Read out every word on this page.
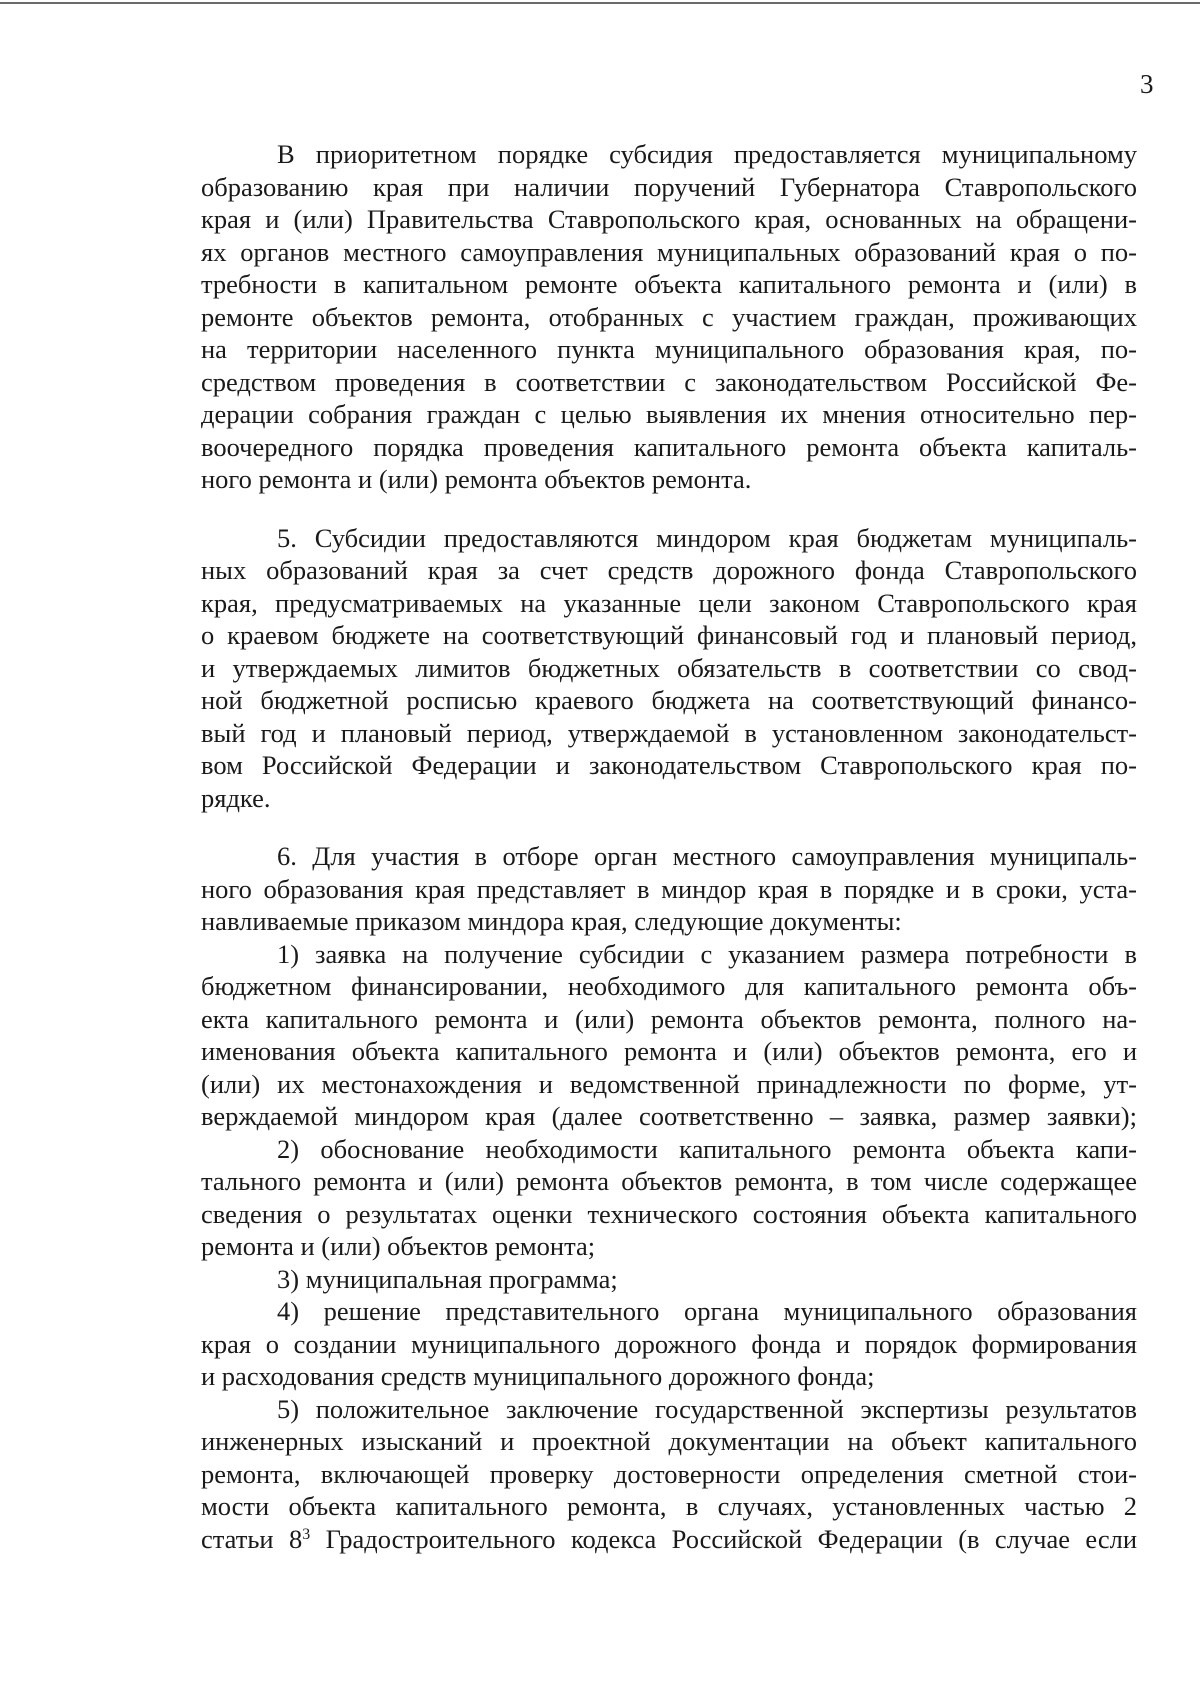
3
В приоритетном порядке субсидия предоставляется муниципальному
образованию края при наличии поручений Губернатора Ставропольского
края и (или) Правительства Ставропольского края, основанных на обращени-
ях органов местного самоуправления муниципальных образований края о по-
требности в капитальном ремонте объекта капитального ремонта и (или) в
ремонте объектов ремонта, отобранных с участием граждан, проживающих
на территории населенного пункта муниципального образования края, по-
средством проведения в соответствии с законодательством Российской Фе-
дерации собрания граждан с целью выявления их мнения относительно пер-
воочередного порядка проведения капитального ремонта объекта капиталь-
ного ремонта и (или) ремонта объектов ремонта.
5. Субсидии предоставляются миндором края бюджетам муниципаль-
ных образований края за счет средств дорожного фонда Ставропольского
края, предусматриваемых на указанные цели законом Ставропольского края
о краевом бюджете на соответствующий финансовый год и плановый период,
и утверждаемых лимитов бюджетных обязательств в соответствии со свод-
ной бюджетной росписью краевого бюджета на соответствующий финансо-
вый год и плановый период, утверждаемой в установленном законодательст-
вом Российской Федерации и законодательством Ставропольского края по-
рядке.
6. Для участия в отборе орган местного самоуправления муниципаль-
ного образования края представляет в миндор края в порядке и в сроки, уста-
навливаемые приказом миндора края, следующие документы:
1) заявка на получение субсидии с указанием размера потребности в
бюджетном финансировании, необходимого для капитального ремонта объ-
екта капитального ремонта и (или) ремонта объектов ремонта, полного на-
именования объекта капитального ремонта и (или) объектов ремонта, его и
(или) их местонахождения и ведомственной принадлежности по форме, ут-
верждаемой миндором края (далее соответственно – заявка, размер заявки);
2) обоснование необходимости капитального ремонта объекта капи-
тального ремонта и (или) ремонта объектов ремонта, в том числе содержащее
сведения о результатах оценки технического состояния объекта капитального
ремонта и (или) объектов ремонта;
3) муниципальная программа;
4) решение представительного органа муниципального образования
края о создании муниципального дорожного фонда и порядок формирования
и расходования средств муниципального дорожного фонда;
5) положительное заключение государственной экспертизы результатов
инженерных изысканий и проектной документации на объект капитального
ремонта, включающей проверку достоверности определения сметной стои-
мости объекта капитального ремонта, в случаях, установленных частью 2
статьи $8^3$ Градостроительного кодекса Российской Федерации (в случае если
